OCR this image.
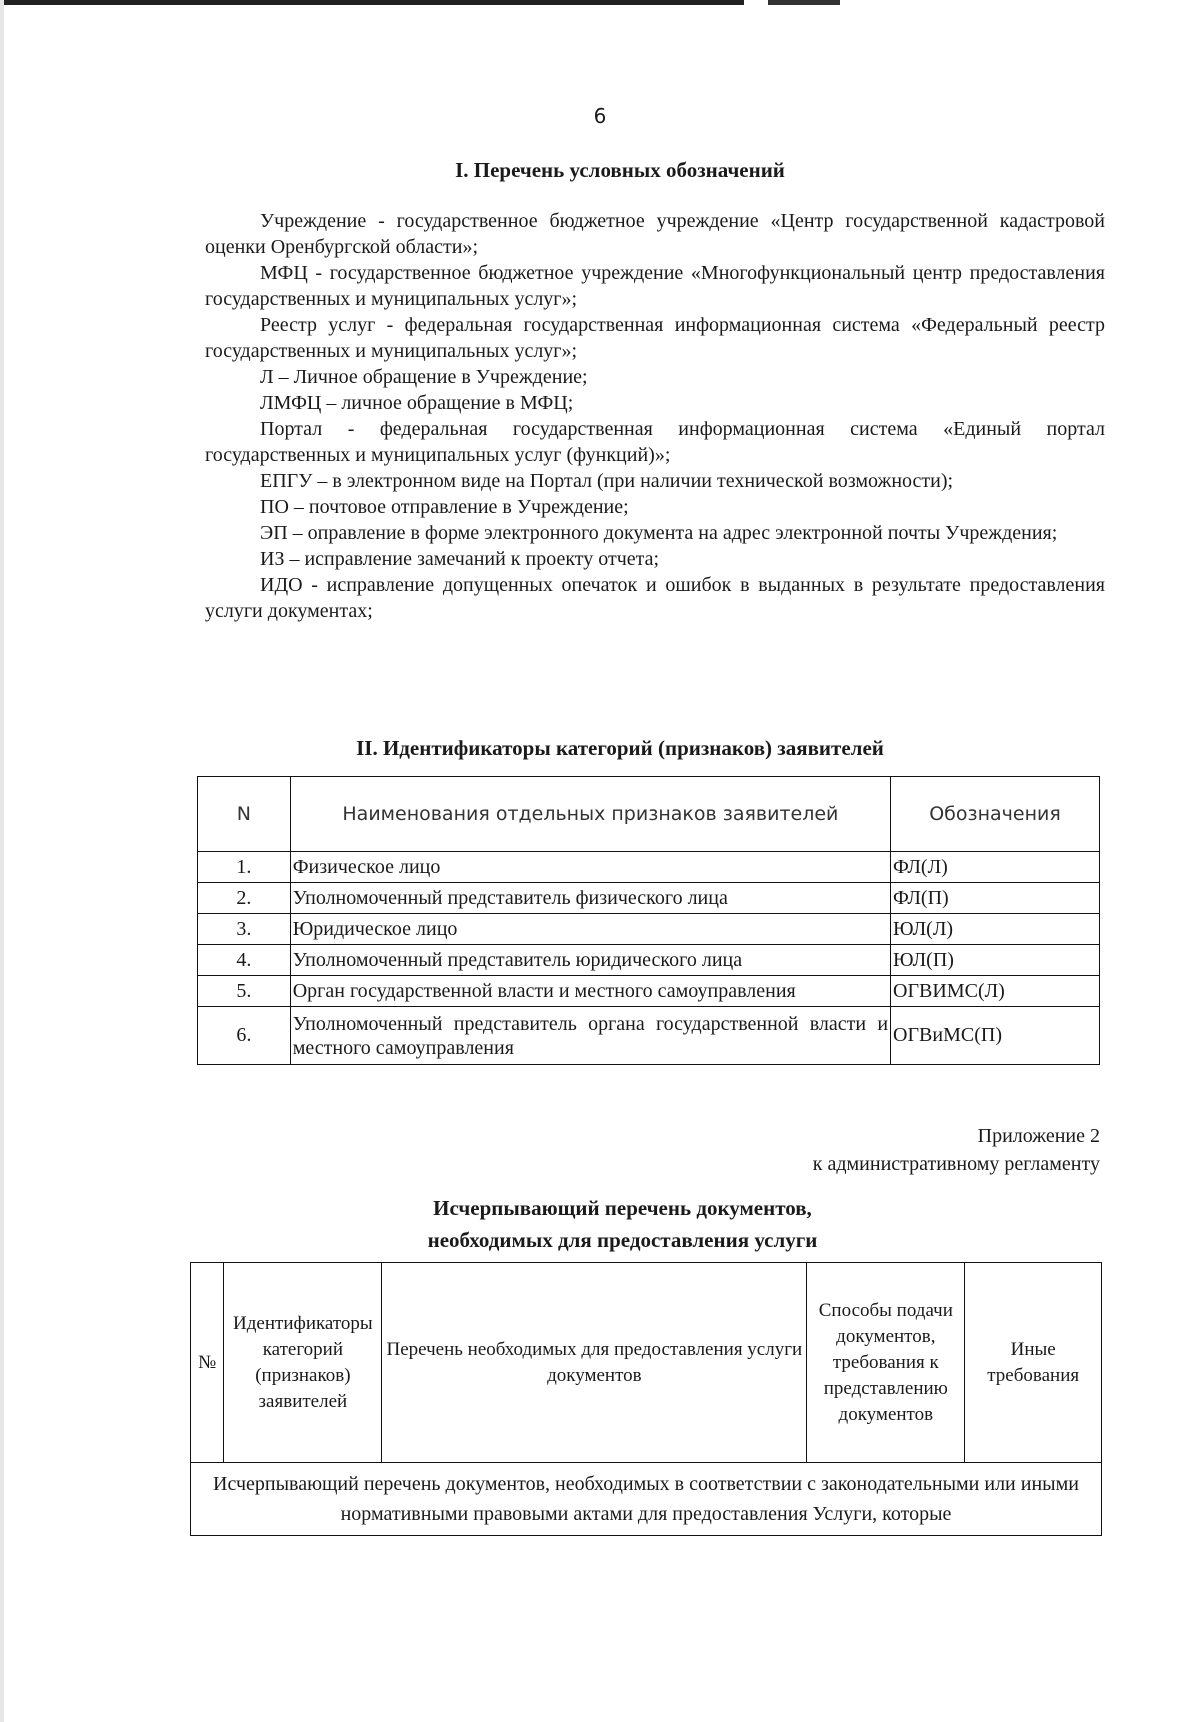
6
I. Перечень условных обозначений

Учреждение - государственное бюджетное учреждение «Центр государственной кадастровой оценки Оренбургской области»;

МФЦ - государственное бюджетное учреждение «Многофункциональный центр предоставления государственных и муниципальных услуг»;

Реестр услуг - федеральная государственная информационная система «Федеральный реестр государственных и муниципальных услуг»;

Л – Личное обращение в Учреждение;

ЛМФЦ – личное обращение в МФЦ;

Портал - федеральная государственная информационная система «Единый портал государственных и муниципальных услуг (функций)»;

ЕПГУ – в электронном виде на Портал (при наличии технической возможности);

ПО – почтовое отправление в Учреждение;

ЭП – оправление в форме электронного документа на адрес электронной почты Учреждения;

ИЗ – исправление замечаний к проекту отчета;

ИДО - исправление допущенных опечаток и ошибок в выданных в результате предоставления услуги документах;

II. Идентификаторы категорий (признаков) заявителей
N	Наименования отдельных признаков заявителей	Обозначения
1.	Физическое лицо	ФЛ(Л)
2.	Уполномоченный представитель физического лица	ФЛ(П)
3.	Юридическое лицо	ЮЛ(Л)
4.	Уполномоченный представитель юридического лица	ЮЛ(П)
5.	Орган государственной власти и местного самоуправления	ОГВИМС(Л)
6.	Уполномоченный представитель органа государственной власти и местного самоуправления	ОГВиМС(П)
Приложение 2
к административному регламенту
Исчерпывающий перечень документов,
необходимых для предоставления услуги
№	Идентификаторы категорий (признаков) заявителей	Перечень необходимых для предоставления услуги документов	Способы подачи документов, требования к представлению документов	Иные требования
Исчерпывающий перечень документов, необходимых в соответствии с законодательными или иными нормативными правовыми актами для предоставления Услуги, которые
